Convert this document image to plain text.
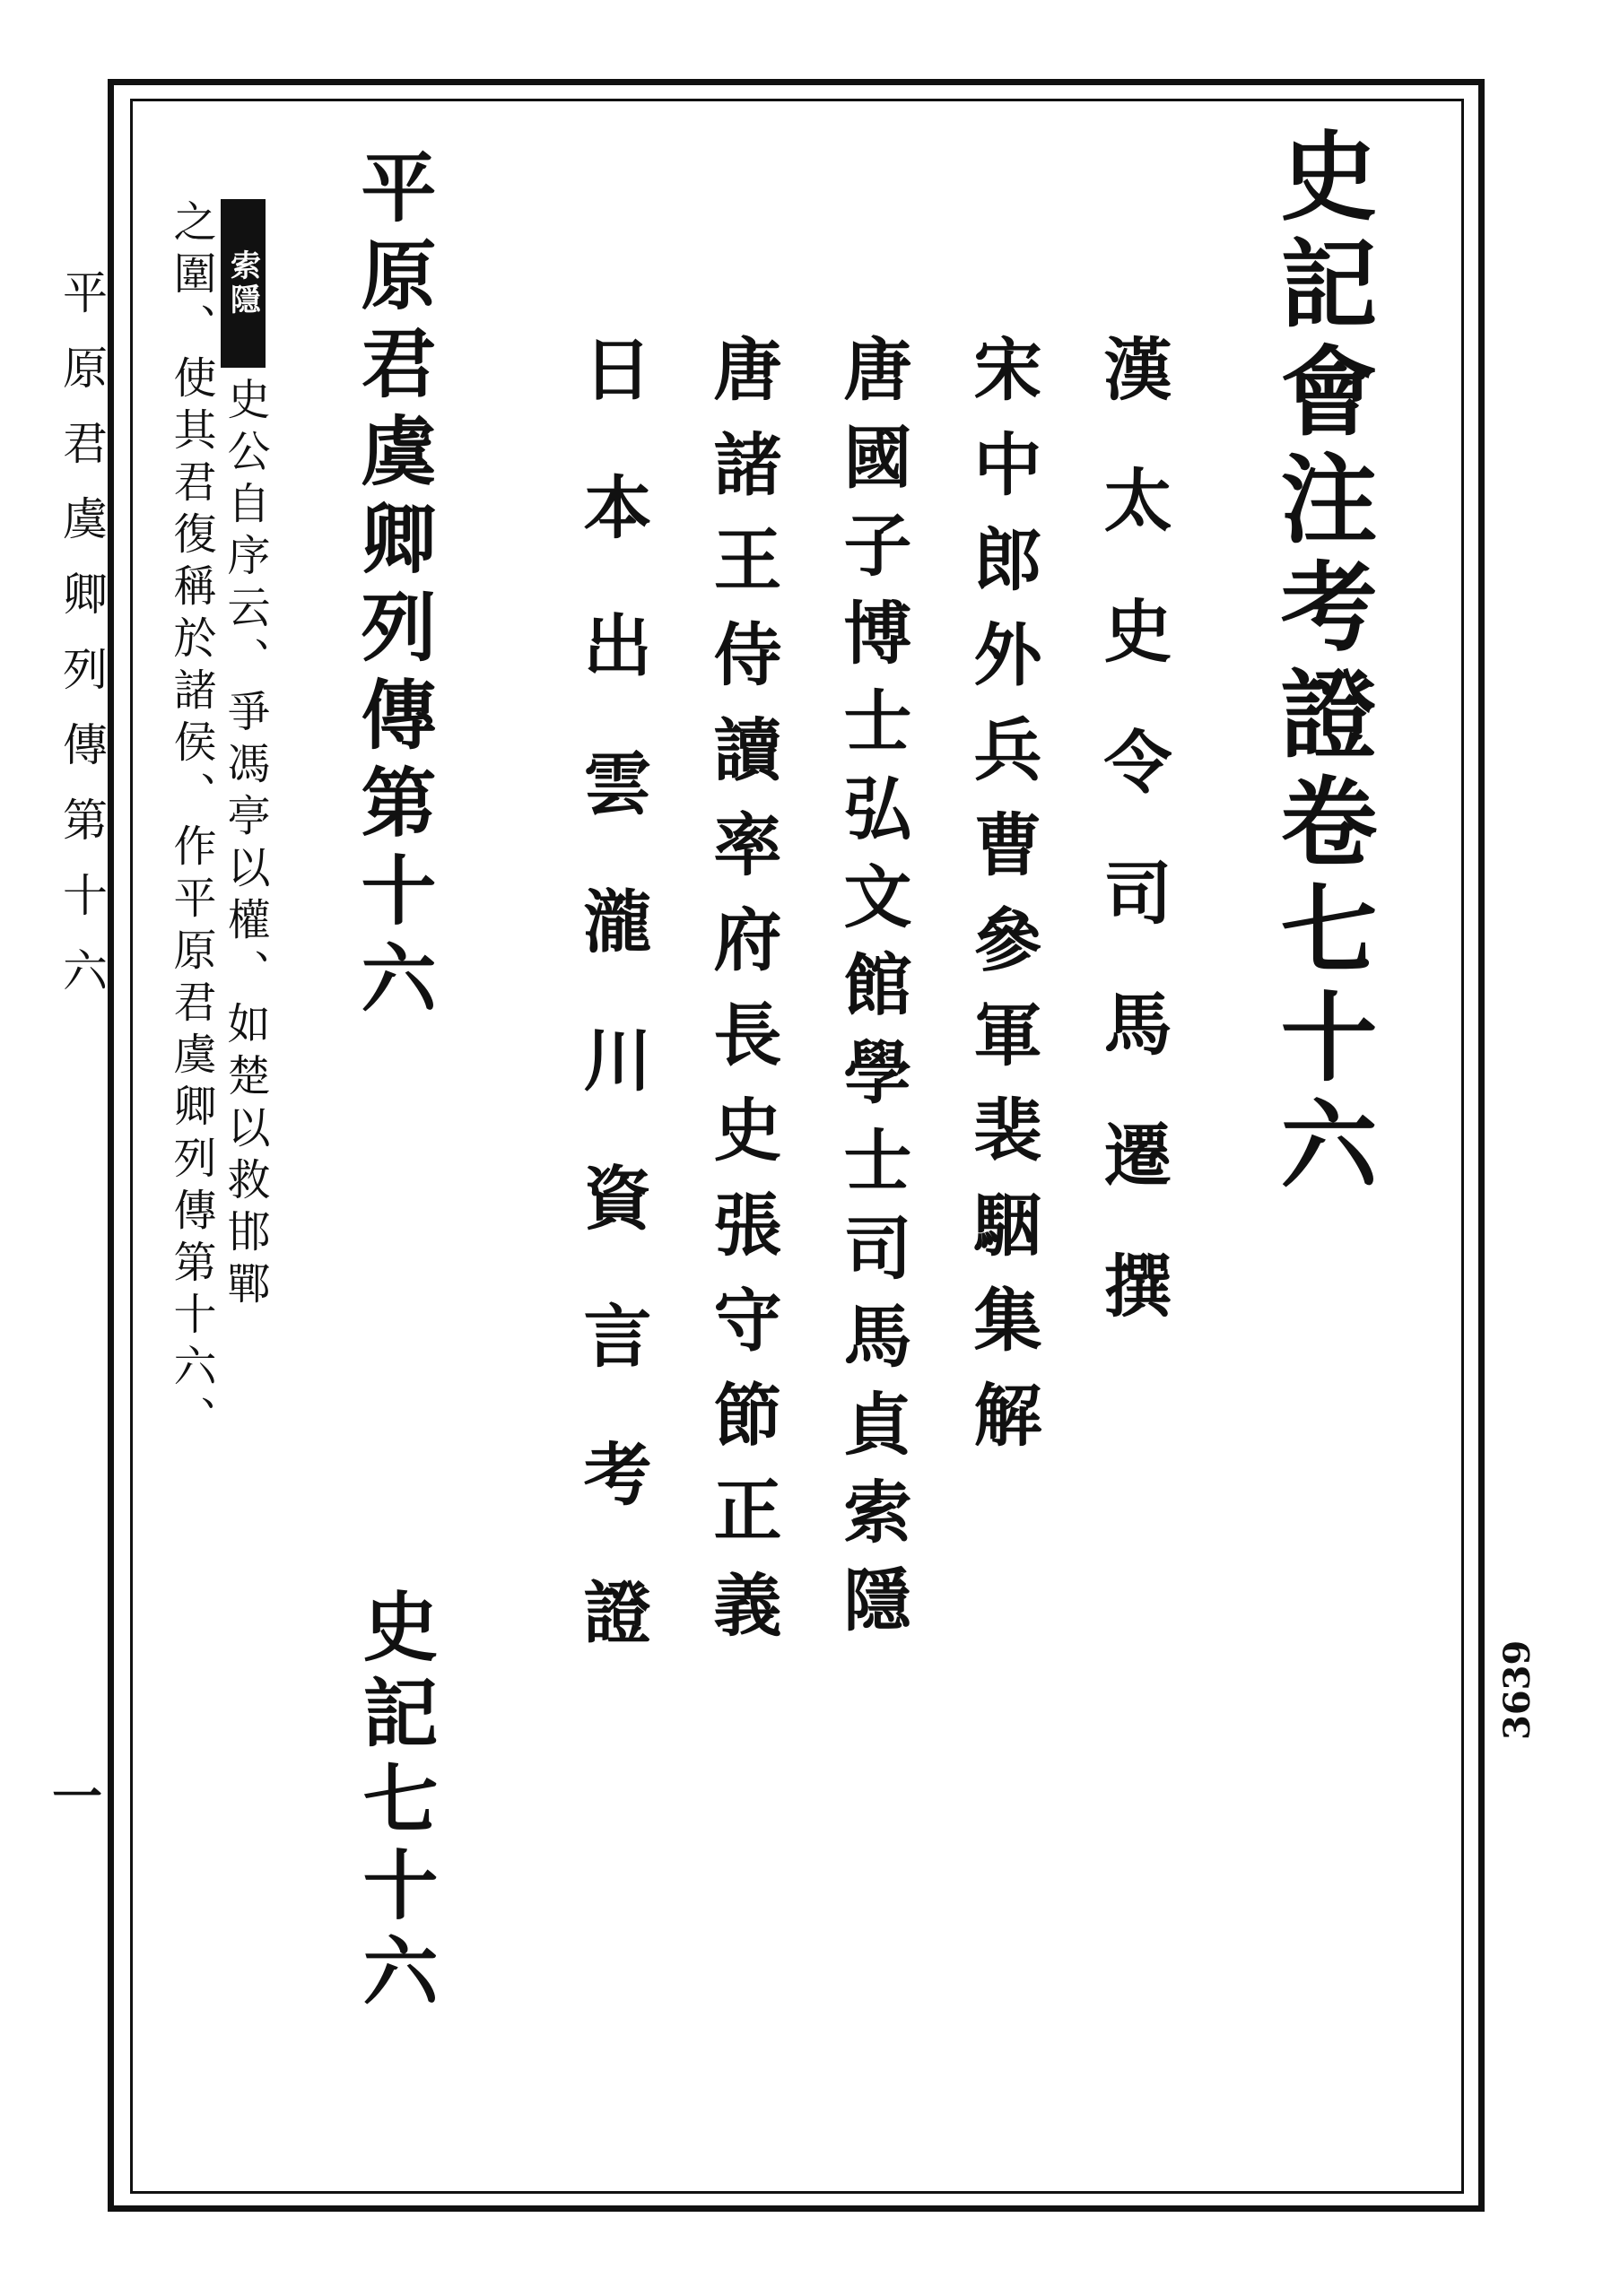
平原君虞卿列傳第十六
一
史記會注考證卷七十六
漢太史令司馬遷撰
宋中郎外兵曹參軍裴駰集解
唐國子博士弘文館學士司馬貞索隱
唐諸王侍讀率府長史張守節正義
日本出雲瀧川資言考證
平原君虞卿列傳第十六
史記七十六
索隱
史公自序云、爭馮亭以權、如楚以救邯鄲
之圍、使其君復稱於諸侯、作平原君虞卿列傳第十六、
3639
